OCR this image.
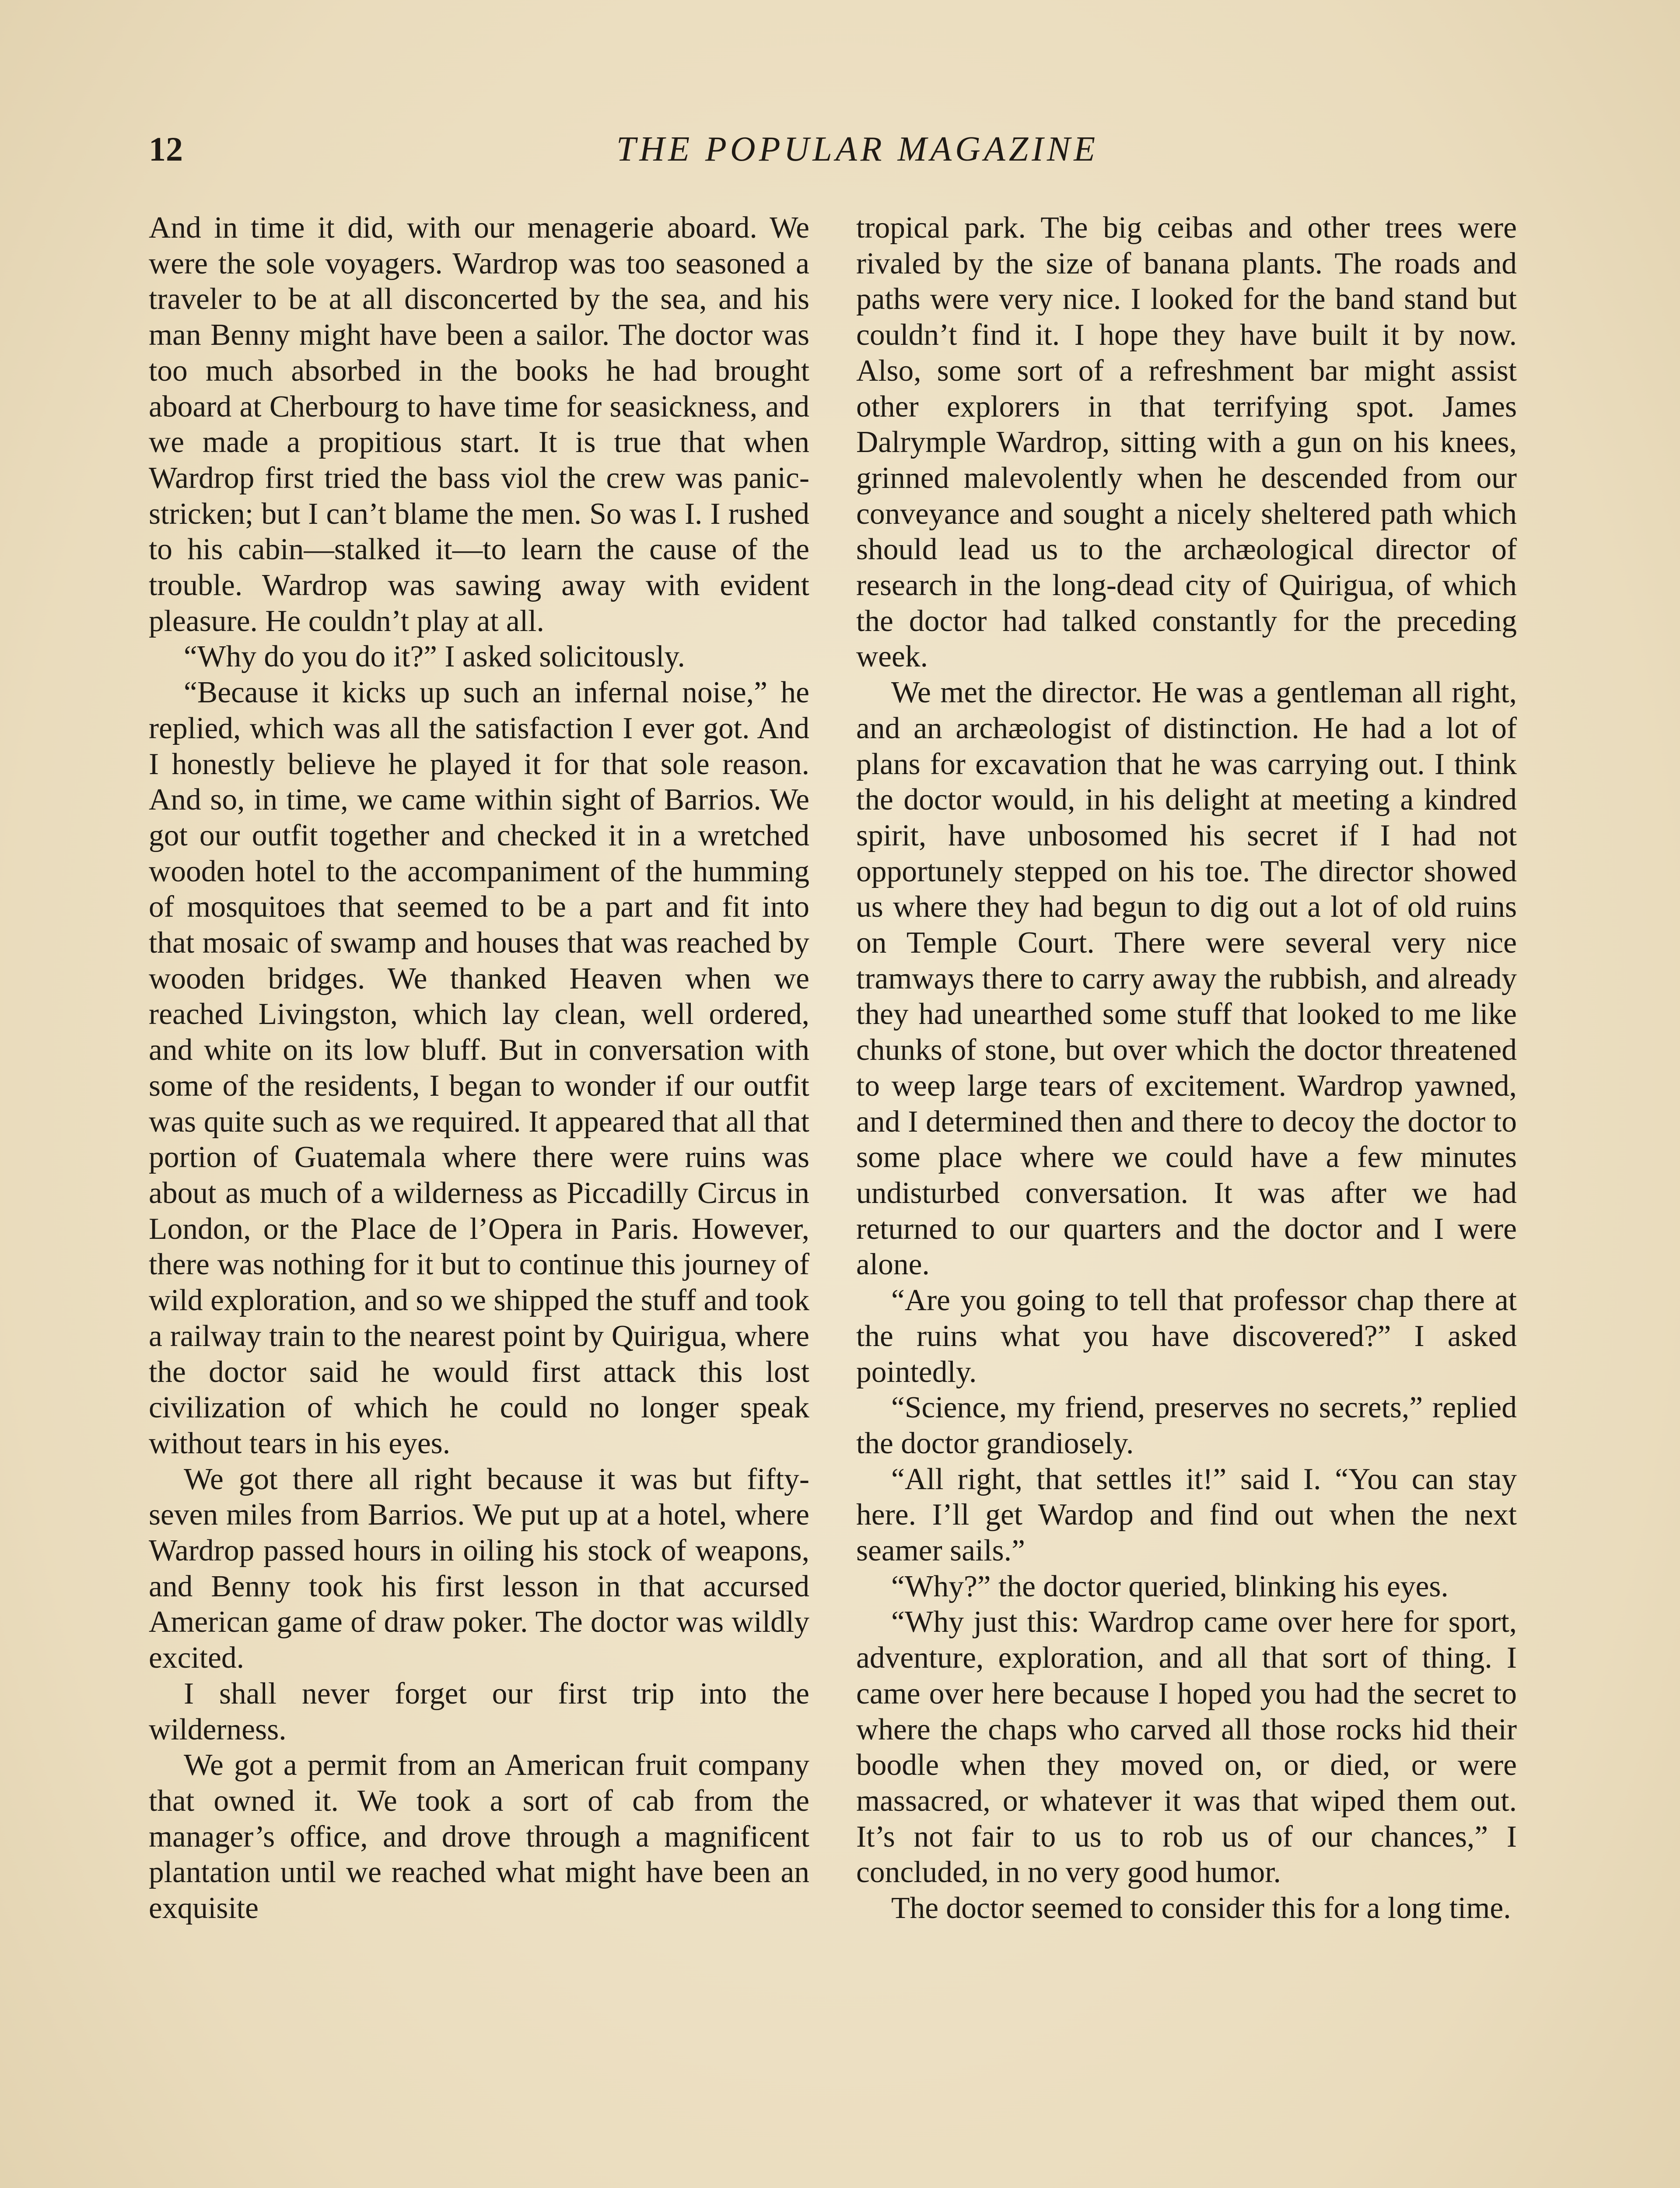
12	THE POPULAR MAGAZINE

And in time it did, with our menagerie aboard. We were the sole voyagers. Wardrop was too seasoned a traveler to be at all disconcerted by the sea, and his man Benny might have been a sailor. The doctor was too much absorbed in the books he had brought aboard at Cherbourg to have time for seasickness, and we made a propitious start. It is true that when Wardrop first tried the bass viol the crew was panic-stricken; but I can’t blame the men. So was I. I rushed to his cabin—stalked it—to learn the cause of the trouble. Wardrop was sawing away with evident pleasure. He couldn’t play at all.

“Why do you do it?” I asked solicitously.

“Because it kicks up such an infernal noise,” he replied, which was all the satisfaction I ever got. And I honestly believe he played it for that sole reason. And so, in time, we came within sight of Barrios. We got our outfit together and checked it in a wretched wooden hotel to the accompaniment of the humming of mosquitoes that seemed to be a part and fit into that mosaic of swamp and houses that was reached by wooden bridges. We thanked Heaven when we reached Livingston, which lay clean, well ordered, and white on its low bluff. But in conversation with some of the residents, I began to wonder if our outfit was quite such as we required. It appeared that all that portion of Guatemala where there were ruins was about as much of a wilderness as Piccadilly Circus in London, or the Place de l’Opera in Paris. However, there was nothing for it but to continue this journey of wild exploration, and so we shipped the stuff and took a railway train to the nearest point by Quirigua, where the doctor said he would first attack this lost civilization of which he could no longer speak without tears in his eyes.

We got there all right because it was but fifty-seven miles from Barrios. We put up at a hotel, where Wardrop passed hours in oiling his stock of weapons, and Benny took his first lesson in that accursed American game of draw poker. The doctor was wildly excited.

I shall never forget our first trip into the wilderness.

We got a permit from an American fruit company that owned it. We took a sort of cab from the manager’s office, and drove through a magnificent plantation until we reached what might have been an exquisite

tropical park. The big ceibas and other trees were rivaled by the size of banana plants. The roads and paths were very nice. I looked for the band stand but couldn’t find it. I hope they have built it by now. Also, some sort of a refreshment bar might assist other explorers in that terrifying spot. James Dalrymple Wardrop, sitting with a gun on his knees, grinned malevolently when he descended from our conveyance and sought a nicely sheltered path which should lead us to the archæological director of research in the long-dead city of Quirigua, of which the doctor had talked constantly for the preceding week.

We met the director. He was a gentleman all right, and an archæologist of distinction. He had a lot of plans for excavation that he was carrying out. I think the doctor would, in his delight at meeting a kindred spirit, have unbosomed his secret if I had not opportunely stepped on his toe. The director showed us where they had begun to dig out a lot of old ruins on Temple Court. There were several very nice tramways there to carry away the rubbish, and already they had unearthed some stuff that looked to me like chunks of stone, but over which the doctor threatened to weep large tears of excitement. Wardrop yawned, and I determined then and there to decoy the doctor to some place where we could have a few minutes undisturbed conversation. It was after we had returned to our quarters and the doctor and I were alone.

“Are you going to tell that professor chap there at the ruins what you have discovered?” I asked pointedly.

“Science, my friend, preserves no secrets,” replied the doctor grandiosely.

“All right, that settles it!” said I. “You can stay here. I’ll get Wardop and find out when the next seamer sails.”

“Why?” the doctor queried, blinking his eyes.

“Why just this: Wardrop came over here for sport, adventure, exploration, and all that sort of thing. I came over here because I hoped you had the secret to where the chaps who carved all those rocks hid their boodle when they moved on, or died, or were massacred, or whatever it was that wiped them out. It’s not fair to us to rob us of our chances,” I concluded, in no very good humor.

The doctor seemed to consider this for a long time.
